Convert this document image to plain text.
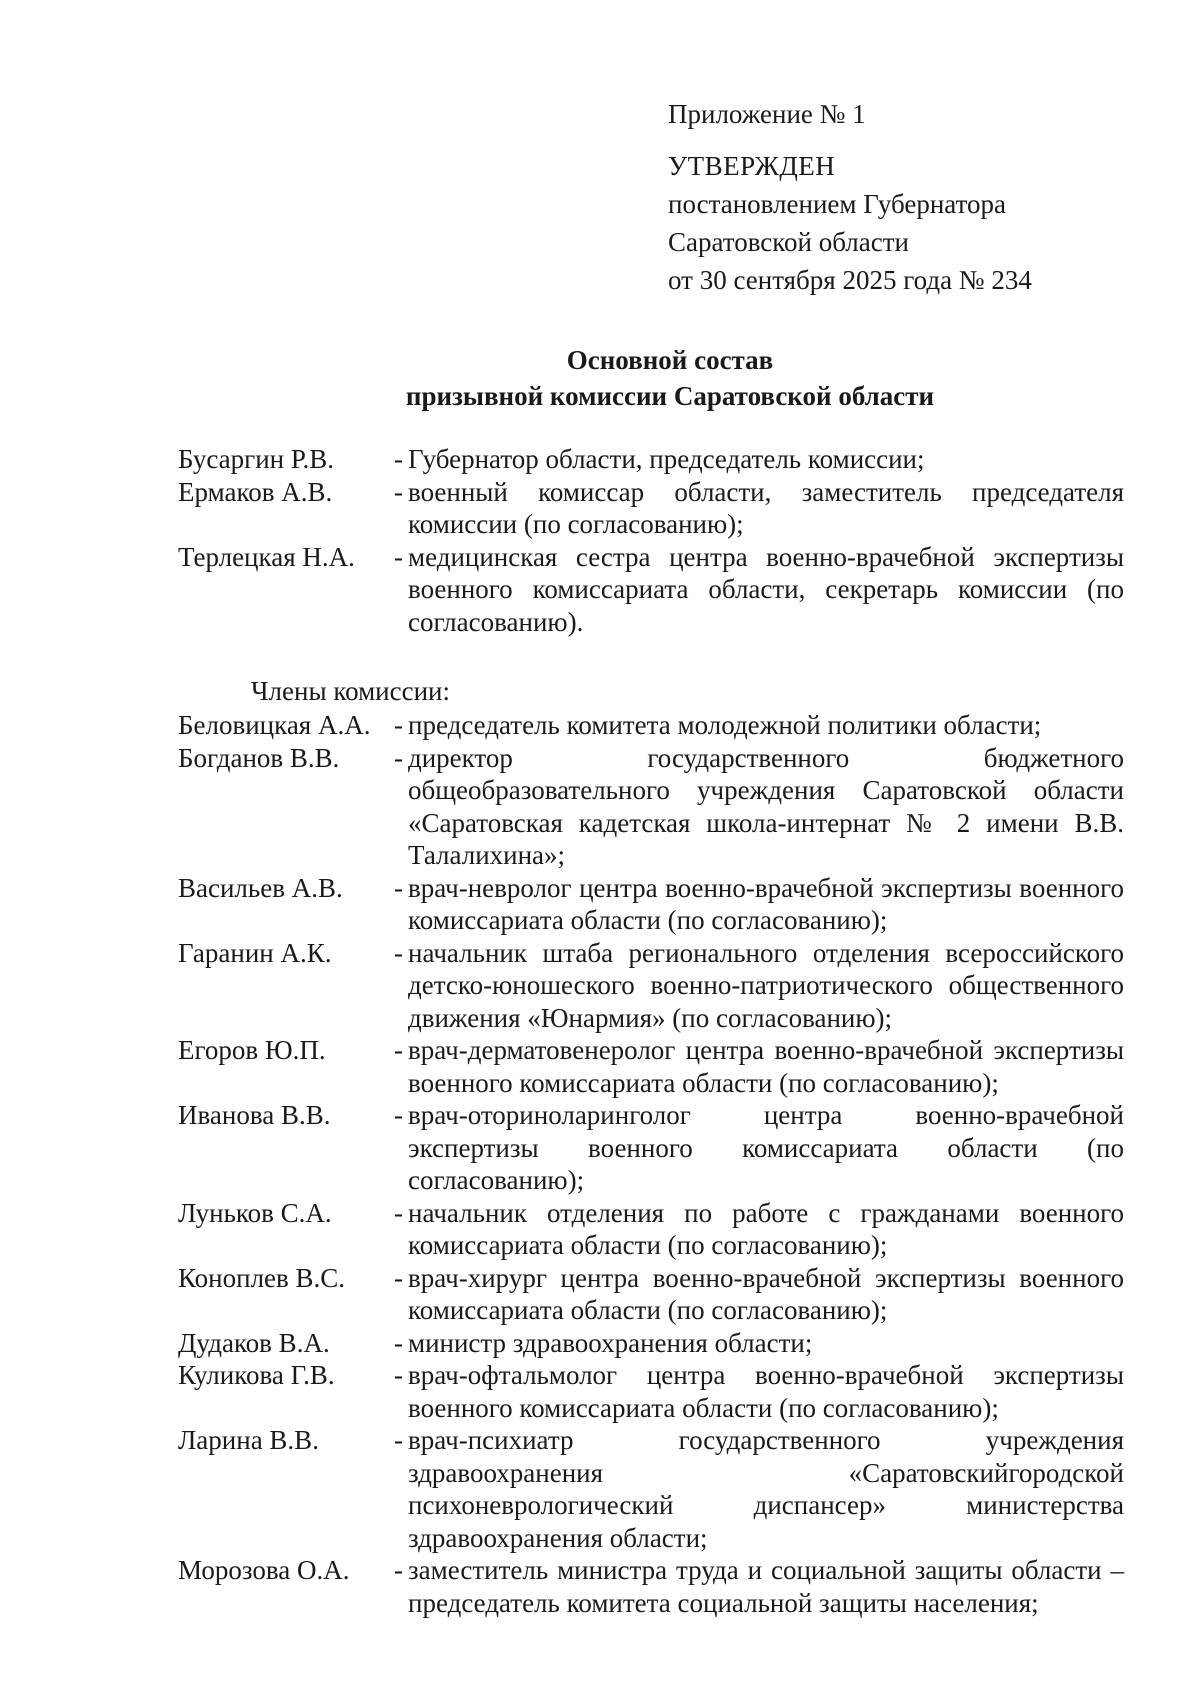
Приложение № 1
УТВЕРЖДЕН
постановлением Губернатора
Саратовской области
от 30 сентября 2025 года № 234
Основной состав
призывной комиссии Саратовской области
Бусаргин Р.В.	- Губернатор области, председатель комиссии;
Ермаков А.В.	- военный комиссар области, заместитель председателя комиссии (по согласованию);
Терлецкая Н.А.	- медицинская сестра центра военно-врачебной экспертизы военного комиссариата области, секретарь комиссии (по согласованию).
Члены комиссии:
Беловицкая А.А. - председатель комитета молодежной политики области;
Богданов В.В.	- директор государственного бюджетного общеобразовательного учреждения Саратовской области «Саратовская кадетская школа-интернат № 2 имени В.В. Талалихина»;
Васильев А.В.	- врач-невролог центра военно-врачебной экспертизы военного комиссариата области (по согласованию);
Гаранин А.К.	- начальник штаба регионального отделения всероссийского детско-юношеского военно-патриотического общественного движения «Юнармия» (по согласованию);
Егоров Ю.П.	- врач-дерматовенеролог центра военно-врачебной экспертизы военного комиссариата области (по согласованию);
Иванова В.В.	- врач-оториноларинголог центра военно-врачебной экспертизы военного комиссариата области (по согласованию);
Луньков С.А.	- начальник отделения по работе с гражданами военного комиссариата области (по согласованию);
Коноплев В.С.	- врач-хирург центра военно-врачебной экспертизы военного комиссариата области (по согласованию);
Дудаков В.А.	- министр здравоохранения области;
Куликова Г.В.	- врач-офтальмолог центра военно-врачебной экспертизы военного комиссариата области (по согласованию);
Ларина В.В.	- врач-психиатр государственного учреждения здравоохранения «Саратовскийгородской психоневрологический диспансер» министерства здравоохранения области;
Морозова О.А.	- заместитель министра труда и социальной защиты области – председатель комитета социальной защиты населения;
